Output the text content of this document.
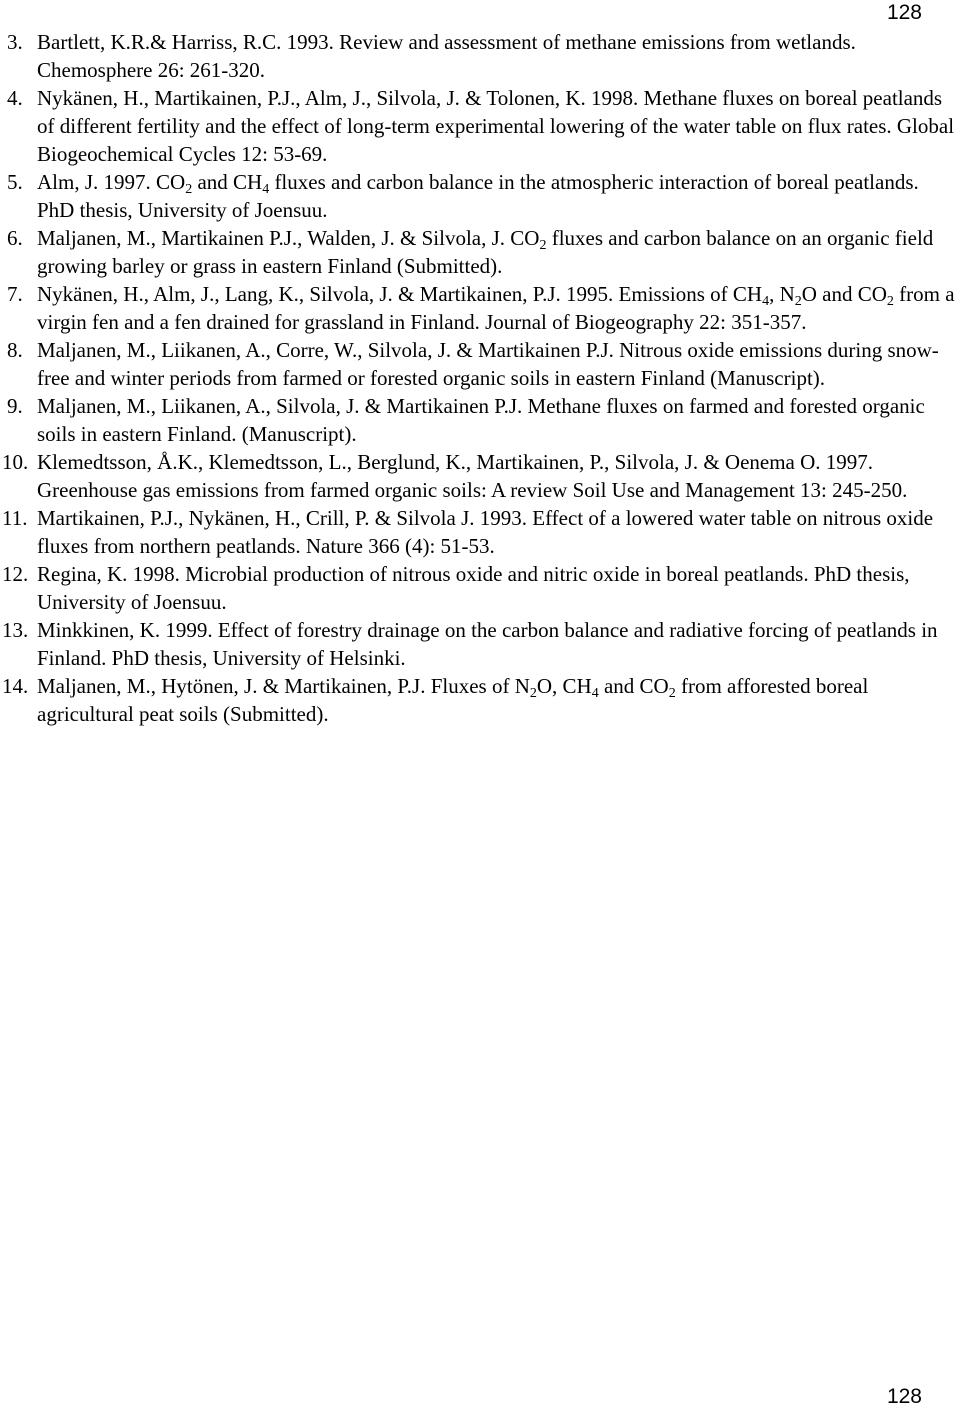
128
3. Bartlett, K.R.& Harriss, R.C. 1993. Review and assessment of methane emissions from wetlands. Chemosphere 26: 261-320.
4. Nykänen, H., Martikainen, P.J., Alm, J., Silvola, J. & Tolonen, K. 1998. Methane fluxes on boreal peatlands of different fertility and the effect of long-term experimental lowering of the water table on flux rates. Global Biogeochemical Cycles 12: 53-69.
5. Alm, J. 1997. $CO_2$ and $CH_4$ fluxes and carbon balance in the atmospheric interaction of boreal peatlands. PhD thesis, University of Joensuu.
6. Maljanen, M., Martikainen P.J., Walden, J. & Silvola, J. $CO_2$ fluxes and carbon balance on an organic field growing barley or grass in eastern Finland (Submitted).
7. Nykänen, H., Alm, J., Lang, K., Silvola, J. & Martikainen, P.J. 1995. Emissions of $CH_4$, $N_2O$ and $CO_2$ from a virgin fen and a fen drained for grassland in Finland. Journal of Biogeography 22: 351-357.
8. Maljanen, M., Liikanen, A., Corre, W., Silvola, J. & Martikainen P.J. Nitrous oxide emissions during snow-free and winter periods from farmed or forested organic soils in eastern Finland (Manuscript).
9. Maljanen, M., Liikanen, A., Silvola, J. & Martikainen P.J. Methane fluxes on farmed and forested organic soils in eastern Finland. (Manuscript).
10. Klemedtsson, Å.K., Klemedtsson, L., Berglund, K., Martikainen, P., Silvola, J. & Oenema O. 1997. Greenhouse gas emissions from farmed organic soils: A review Soil Use and Management 13: 245-250.
11. Martikainen, P.J., Nykänen, H., Crill, P. & Silvola J. 1993. Effect of a lowered water table on nitrous oxide fluxes from northern peatlands. Nature 366 (4): 51-53.
12. Regina, K. 1998. Microbial production of nitrous oxide and nitric oxide in boreal peatlands. PhD thesis, University of Joensuu.
13. Minkkinen, K. 1999. Effect of forestry drainage on the carbon balance and radiative forcing of peatlands in Finland. PhD thesis, University of Helsinki.
14. Maljanen, M., Hytönen, J. & Martikainen, P.J. Fluxes of $N_2O$, $CH_4$ and $CO_2$ from afforested boreal agricultural peat soils (Submitted).
128
